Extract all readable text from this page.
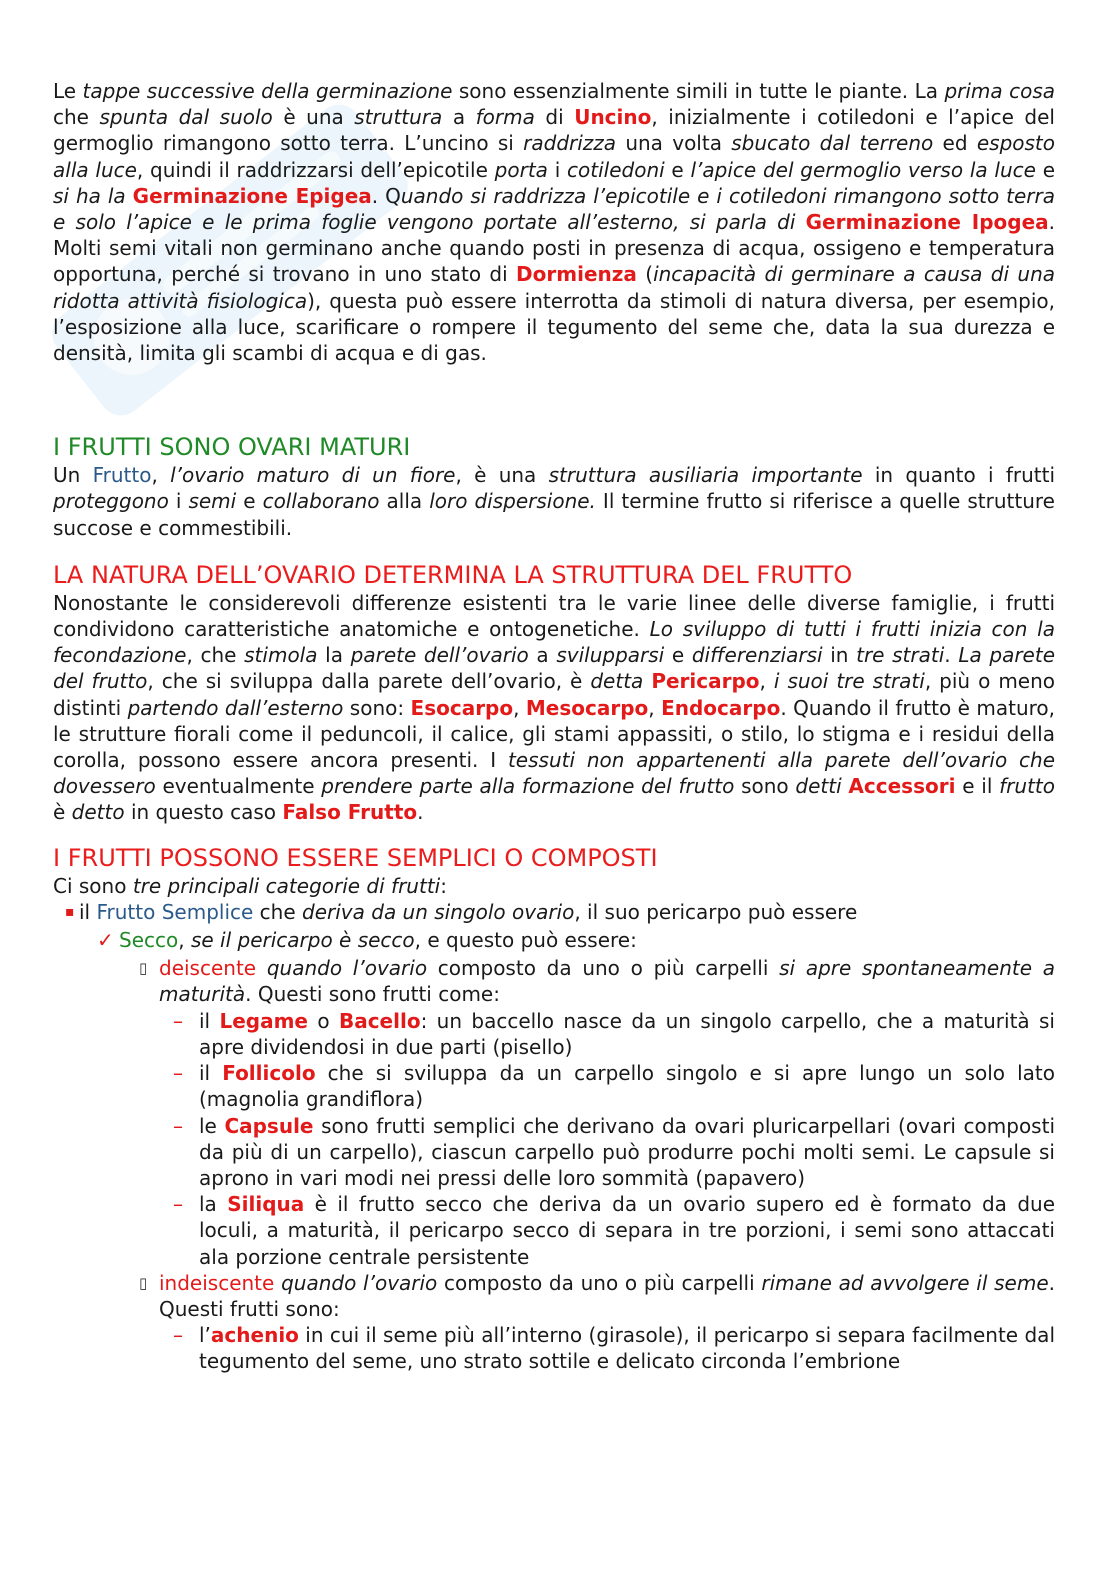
Le tappe successive della germinazione sono essenzialmente simili in tutte le piante. La prima cosa che spunta dal suolo è una struttura a forma di Uncino, inizialmente i cotiledoni e l’apice del germoglio rimangono sotto terra. L’uncino si raddrizza una volta sbucato dal terreno ed esposto alla luce, quindi il raddrizzarsi dell’epicotile porta i cotiledoni e l’apice del germoglio verso la luce e si ha la Germinazione Epigea. Quando si raddrizza l’epicotile e i cotiledoni rimangono sotto terra e solo l’apice e le prima foglie vengono portate all’esterno, si parla di Germinazione Ipogea. Molti semi vitali non germinano anche quando posti in presenza di acqua, ossigeno e temperatura opportuna, perché si trovano in uno stato di Dormienza (incapacità di germinare a causa di una ridotta attività fisiologica), questa può essere interrotta da stimoli di natura diversa, per esempio, l’esposizione alla luce, scarificare o rompere il tegumento del seme che, data la sua durezza e densità, limita gli scambi di acqua e di gas.

I FRUTTI SONO OVARI MATURI

Un Frutto, l’ovario maturo di un fiore, è una struttura ausiliaria importante in quanto i frutti proteggono i semi e collaborano alla loro dispersione. Il termine frutto si riferisce a quelle strutture succose e commestibili.

LA NATURA DELL’OVARIO DETERMINA LA STRUTTURA DEL FRUTTO

Nonostante le considerevoli differenze esistenti tra le varie linee delle diverse famiglie, i frutti condividono caratteristiche anatomiche e ontogenetiche. Lo sviluppo di tutti i frutti inizia con la fecondazione, che stimola la parete dell’ovario a svilupparsi e differenziarsi in tre strati. La parete del frutto, che si sviluppa dalla parete dell’ovario, è detta Pericarpo, i suoi tre strati, più o meno distinti partendo dall’esterno sono: Esocarpo, Mesocarpo, Endocarpo. Quando il frutto è maturo, le strutture fiorali come il peduncoli, il calice, gli stami appassiti, o stilo, lo stigma e i residui della corolla, possono essere ancora presenti. I tessuti non appartenenti alla parete dell’ovario che dovessero eventualmente prendere parte alla formazione del frutto sono detti Accessori e il frutto è detto in questo caso Falso Frutto.

I FRUTTI POSSONO ESSERE SEMPLICI O COMPOSTI

Ci sono tre principali categorie di frutti:

▪ il Frutto Semplice che deriva da un singolo ovario, il suo pericarpo può essere
✓ Secco, se il pericarpo è secco, e questo può essere:
▯ deiscente quando l’ovario composto da uno o più carpelli si apre spontaneamente a maturità. Questi sono frutti come:
– il Legame o Bacello: un baccello nasce da un singolo carpello, che a maturità si apre dividendosi in due parti (pisello)
– il Follicolo che si sviluppa da un carpello singolo e si apre lungo un solo lato (magnolia grandiflora)
– le Capsule sono frutti semplici che derivano da ovari pluricarpellari (ovari composti da più di un carpello), ciascun carpello può produrre pochi molti semi. Le capsule si aprono in vari modi nei pressi delle loro sommità (papavero)
– la Siliqua è il frutto secco che deriva da un ovario supero ed è formato da due loculi, a maturità, il pericarpo secco di separa in tre porzioni, i semi sono attaccati ala porzione centrale persistente
▯ indeiscente quando l’ovario composto da uno o più carpelli rimane ad avvolgere il seme. Questi frutti sono:
– l’achenio in cui il seme più all’interno (girasole), il pericarpo si separa facilmente dal tegumento del seme, uno strato sottile e delicato circonda l’embrione
